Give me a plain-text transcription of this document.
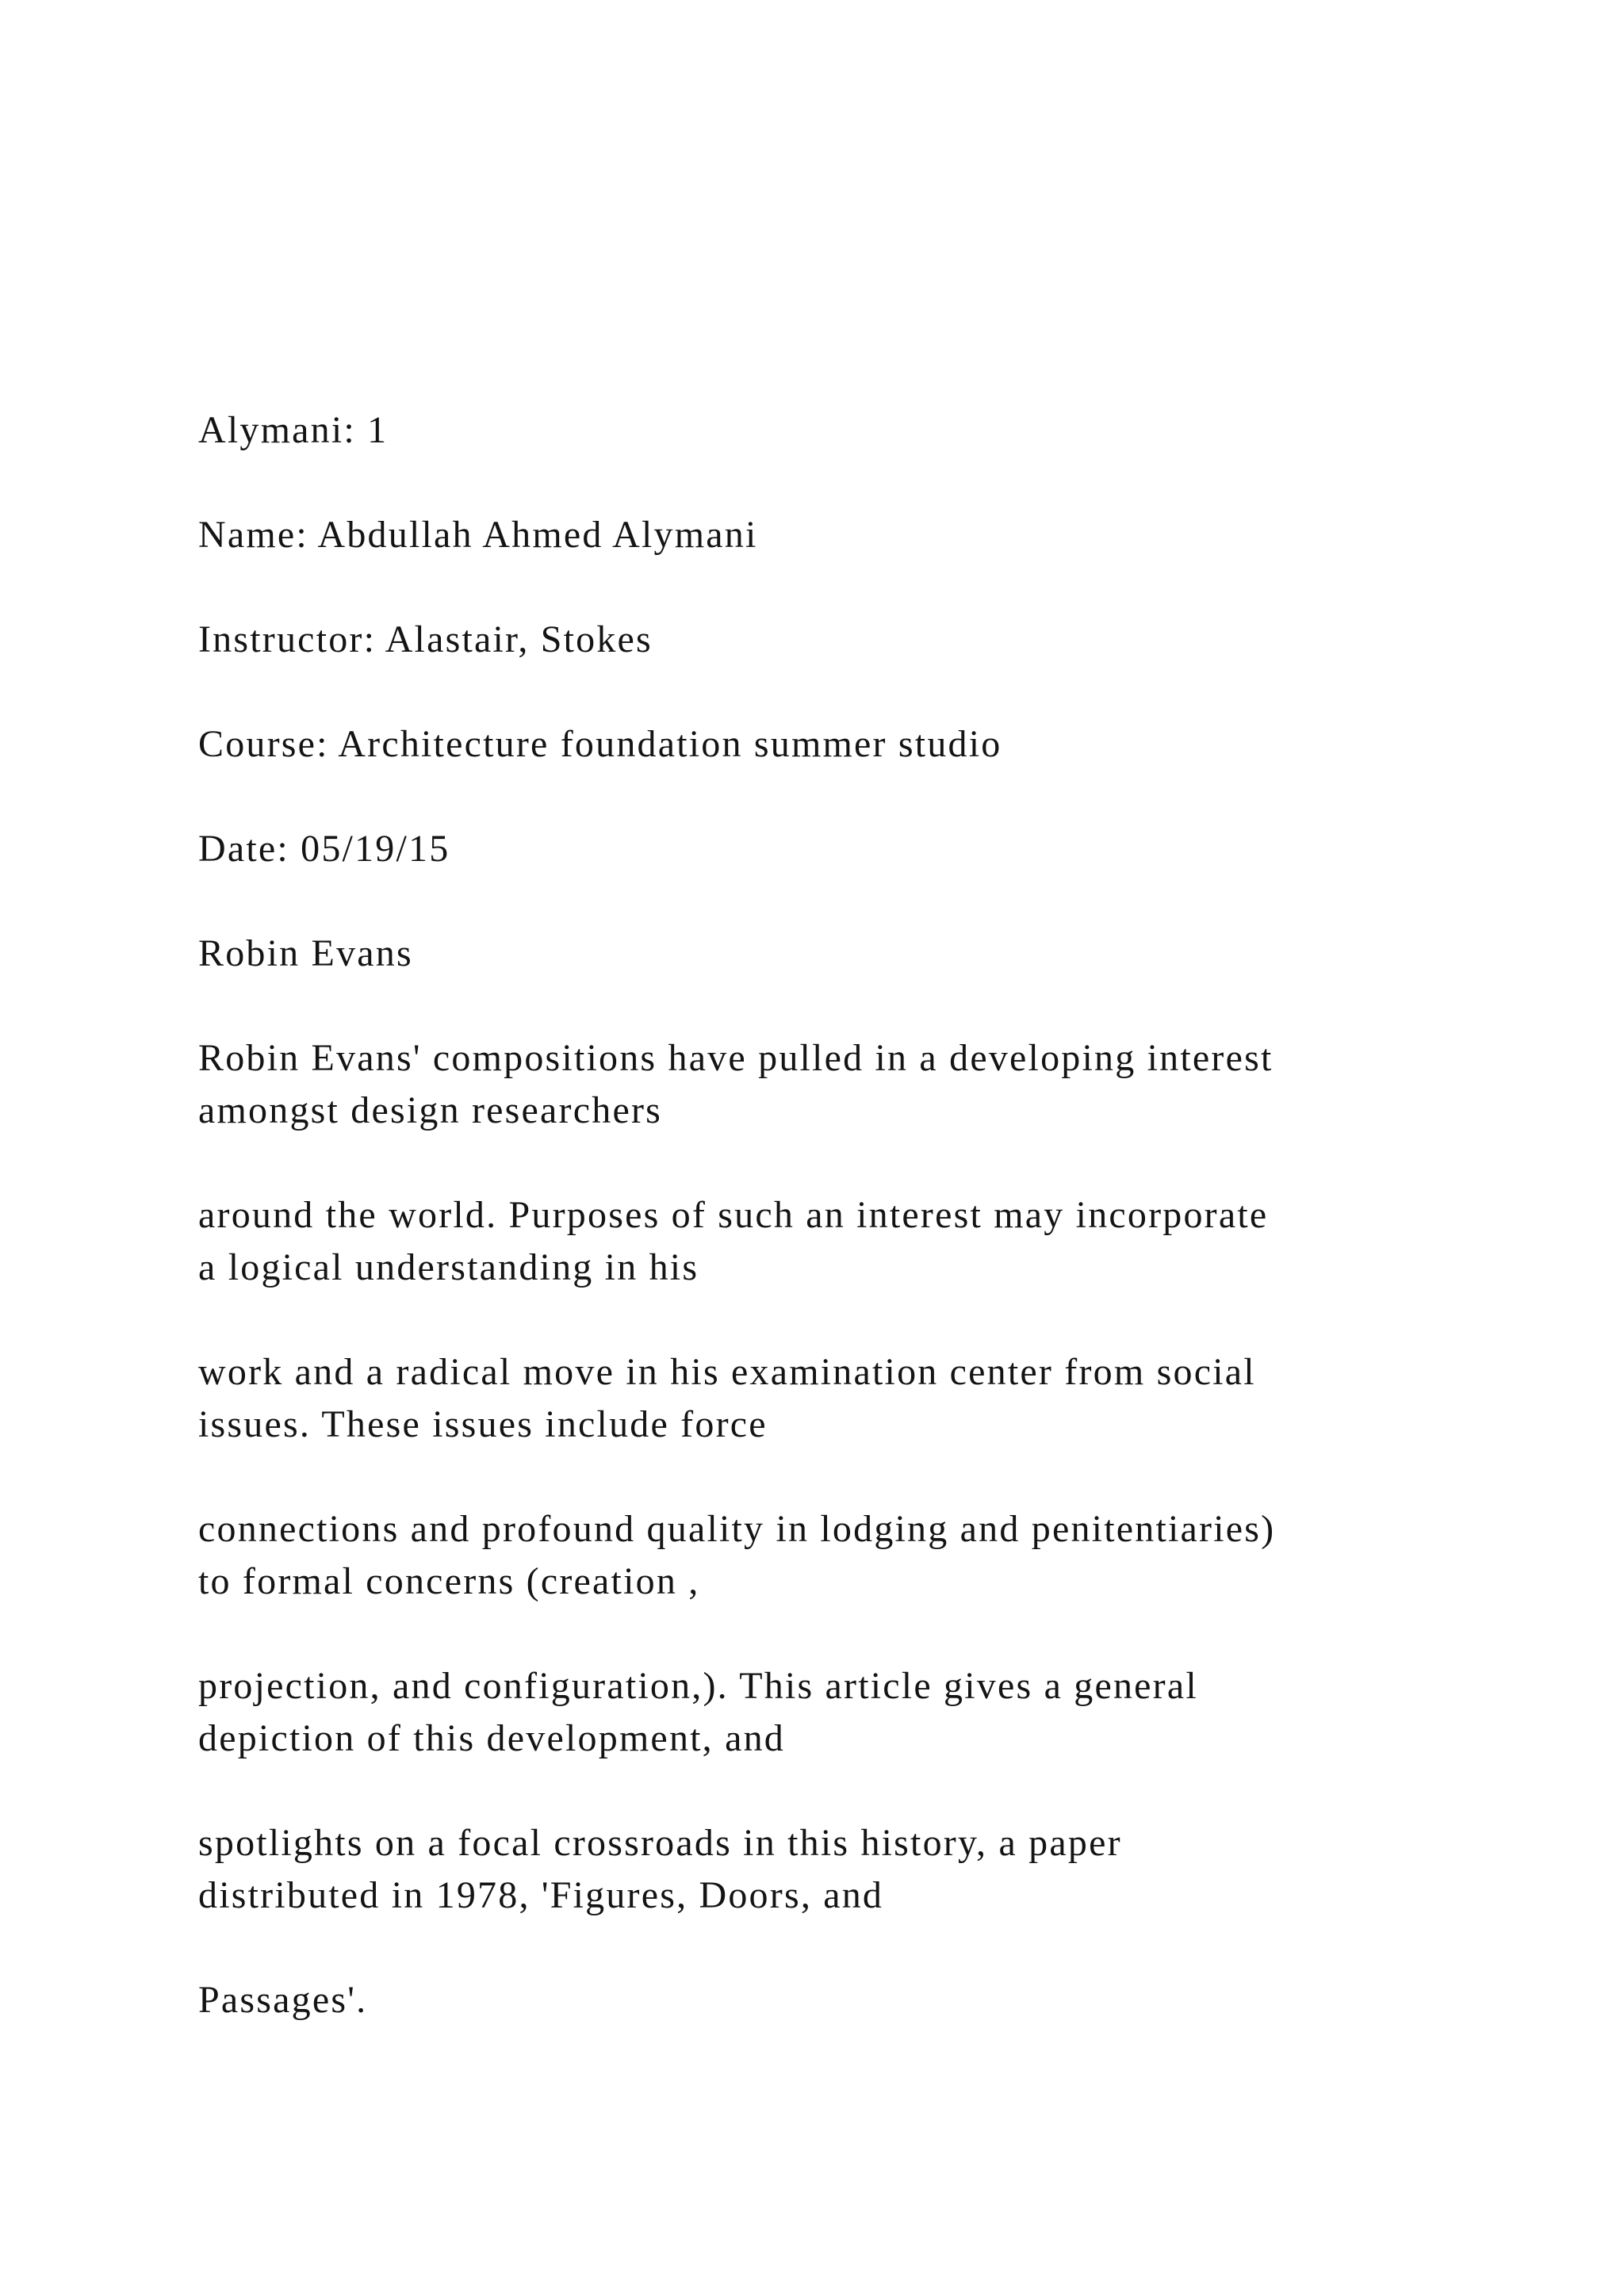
Alymani: 1

Name: Abdullah Ahmed Alymani

Instructor: Alastair, Stokes

Course: Architecture foundation summer studio

Date: 05/19/15

Robin Evans

Robin Evans' compositions have pulled in a developing interest
amongst design researchers
around the world. Purposes of such an interest may incorporate
a logical understanding in his
work and a radical move in his examination center from social
issues. These issues include force
connections and profound quality in lodging and penitentiaries)
to formal concerns (creation ,
projection, and configuration,). This article gives a general
depiction of this development, and
spotlights on a focal crossroads in this history, a paper
distributed in 1978, 'Figures, Doors, and
Passages'.
